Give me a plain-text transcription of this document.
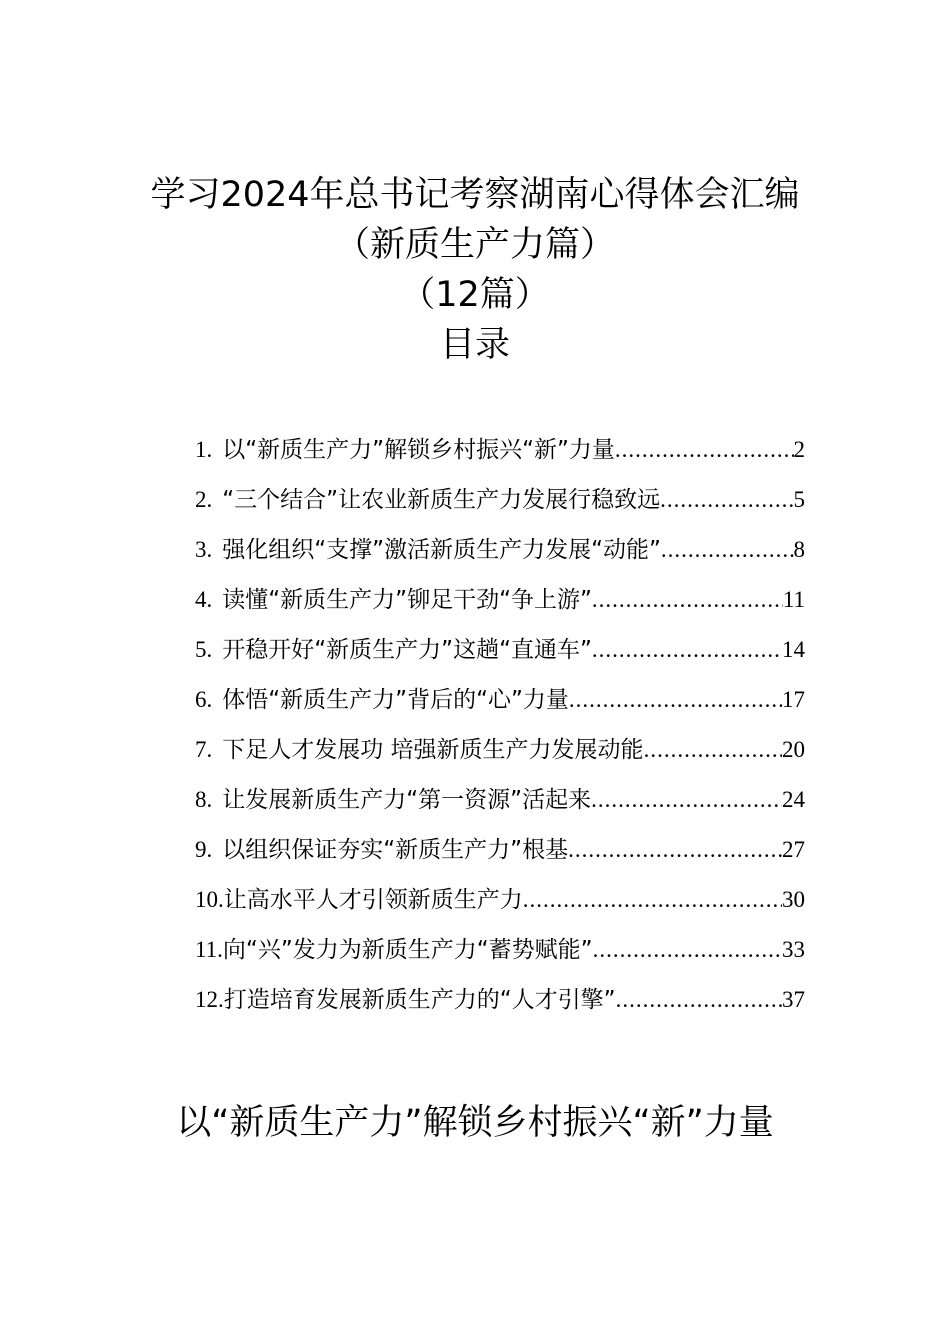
学习2024年总书记考察湖南心得体会汇编
（新质生产力篇）
（12篇）
目录
1. 以“新质生产力”解锁乡村振兴“新”力量 .....	2
2. “三个结合”让农业新质生产力发展行稳致远 .....	5
3. 强化组织“支撑”激活新质生产力发展“动能” .....	8
4. 读懂“新质生产力”铆足干劲“争上游” .....	11
5. 开稳开好“新质生产力”这趟“直通车” .....	14
6. 体悟“新质生产力”背后的“心”力量 .....	17
7. 下足人才发展功 培强新质生产力发展动能 .....	20
8. 让发展新质生产力“第一资源”活起来 .....	24
9. 以组织保证夯实“新质生产力”根基 .....	27
10. 让高水平人才引领新质生产力 .....	30
11. 向“兴”发力为新质生产力“蓄势赋能” .....	33
12. 打造培育发展新质生产力的“人才引擎” .....	37
以“新质生产力”解锁乡村振兴“新”力量
